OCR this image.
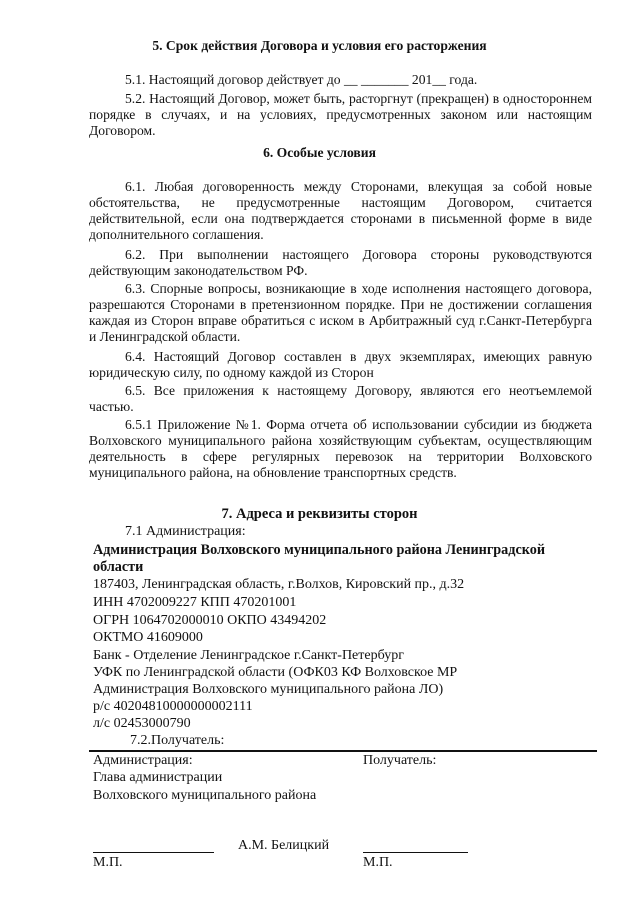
5. Срок действия Договора и условия его расторжения
5.1. Настоящий договор действует до __ _______ 201__ года.
5.2. Настоящий Договор, может быть, расторгнут (прекращен) в одностороннем порядке в случаях, и на условиях, предусмотренных законом или настоящим Договором.
6. Особые условия
6.1. Любая договоренность между Сторонами, влекущая за собой новые обстоятельства, не предусмотренные настоящим Договором, считается действительной, если она подтверждается сторонами в письменной форме в виде дополнительного соглашения.
6.2. При выполнении настоящего Договора стороны руководствуются действующим законодательством РФ.
6.3. Спорные вопросы, возникающие в ходе исполнения настоящего договора, разрешаются Сторонами в претензионном порядке. При не достижении соглашения каждая из Сторон вправе обратиться с иском в Арбитражный суд г.Санкт-Петербурга и Ленинградской области.
6.4. Настоящий Договор составлен в двух экземплярах, имеющих равную юридическую силу, по одному каждой из Сторон
6.5. Все приложения к настоящему Договору, являются его неотъемлемой частью.
6.5.1 Приложение №1. Форма отчета об использовании субсидии из бюджета Волховского муниципального района хозяйствующим субъектам, осуществляющим деятельность в сфере регулярных перевозок на территории Волховского муниципального района, на обновление транспортных средств.
7. Адреса и реквизиты сторон
7.1 Администрация:
Администрация Волховского муниципального района Ленинградской
области
187403, Ленинградская область, г.Волхов, Кировский пр., д.32
ИНН 4702009227 КПП 470201001
ОГРН 1064702000010 ОКПО 43494202
ОКТМО 41609000
Банк - Отделение Ленинградское г.Санкт-Петербург
УФК по Ленинградской области (ОФК03 КФ Волховское МР
Администрация Волховского муниципального района ЛО)
р/с 40204810000000002111
л/с 02453000790
7.2.Получатель:
Администрация:	Получатель:
Глава администрации
Волховского муниципального района
А.М. Белицкий
М.П.	М.П.
